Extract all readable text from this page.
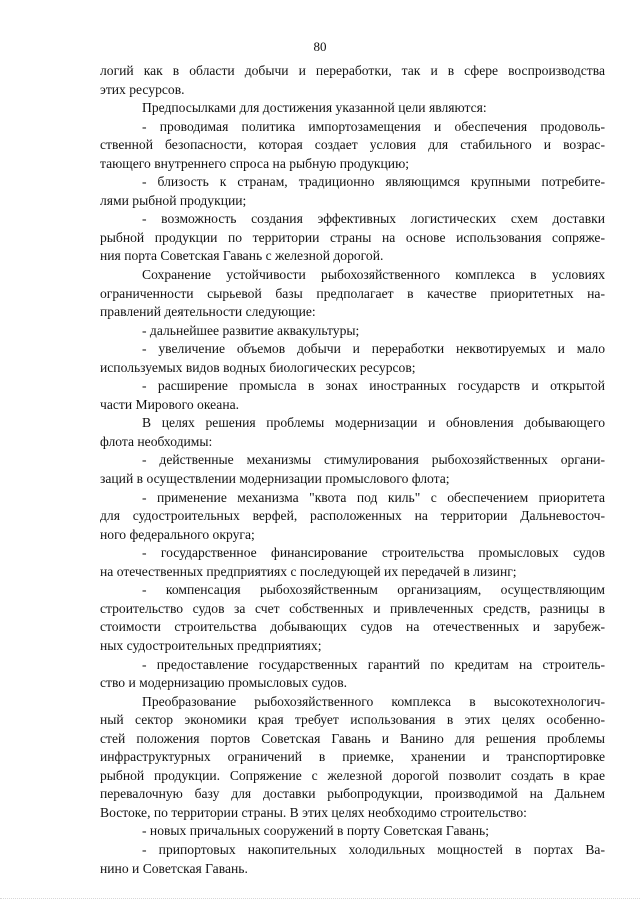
80
логий как в области добычи и переработки, так и в сфере воспроизводства
этих ресурсов.
Предпосылками для достижения указанной цели являются:
- проводимая политика импортозамещения и обеспечения продоволь-
ственной безопасности, которая создает условия для стабильного и возрас-
тающего внутреннего спроса на рыбную продукцию;
- близость к странам, традиционно являющимся крупными потребите-
лями рыбной продукции;
- возможность создания эффективных логистических схем доставки
рыбной продукции по территории страны на основе использования сопряже-
ния порта Советская Гавань с железной дорогой.
Сохранение устойчивости рыбохозяйственного комплекса в условиях
ограниченности сырьевой базы предполагает в качестве приоритетных на-
правлений деятельности следующие:
- дальнейшее развитие аквакультуры;
- увеличение объемов добычи и переработки неквотируемых и мало
используемых видов водных биологических ресурсов;
- расширение промысла в зонах иностранных государств и открытой
части Мирового океана.
В целях решения проблемы модернизации и обновления добывающего
флота необходимы:
- действенные механизмы стимулирования рыбохозяйственных органи-
заций в осуществлении модернизации промыслового флота;
- применение механизма "квота под киль" с обеспечением приоритета
для судостроительных верфей, расположенных на территории Дальневосточ-
ного федерального округа;
- государственное финансирование строительства промысловых судов
на отечественных предприятиях с последующей их передачей в лизинг;
- компенсация рыбохозяйственным организациям, осуществляющим
строительство судов за счет собственных и привлеченных средств, разницы в
стоимости строительства добывающих судов на отечественных и зарубеж-
ных судостроительных предприятиях;
- предоставление государственных гарантий по кредитам на строитель-
ство и модернизацию промысловых судов.
Преобразование рыбохозяйственного комплекса в высокотехнологич-
ный сектор экономики края требует использования в этих целях особенно-
стей положения портов Советская Гавань и Ванино для решения проблемы
инфраструктурных ограничений в приемке, хранении и транспортировке
рыбной продукции. Сопряжение с железной дорогой позволит создать в крае
перевалочную базу для доставки рыбопродукции, производимой на Дальнем
Востоке, по территории страны. В этих целях необходимо строительство:
- новых причальных сооружений в порту Советская Гавань;
- припортовых накопительных холодильных мощностей в портах Ва-
нино и Советская Гавань.
